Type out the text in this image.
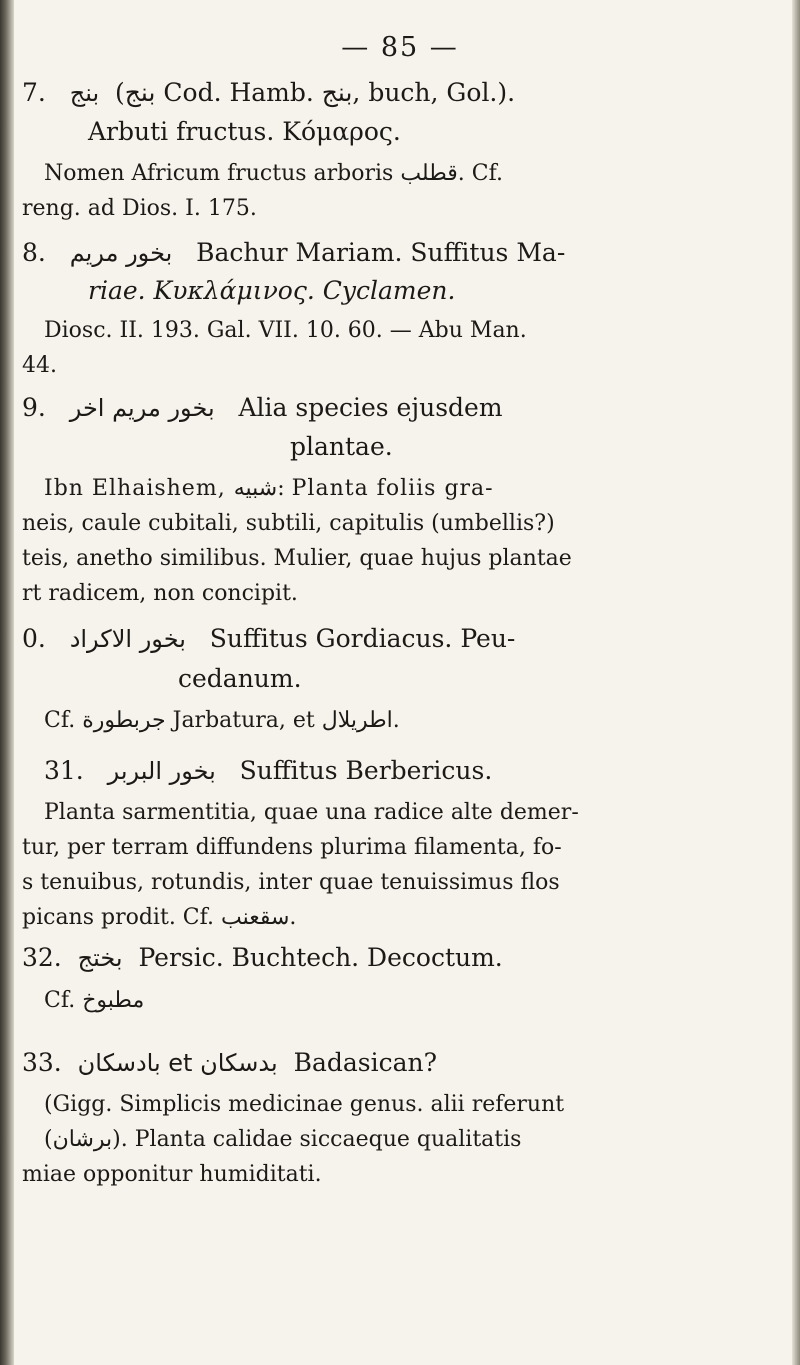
— 85 —
7. بنج (بنج Cod. Hamb. بنج, buch, Gol.).
Arbuti fructus. Κόμαρος.
Nomen Africum fructus arboris قطلب. Cf.
reng. ad Dios. I. 175.
8. بخور مريم Bachur Mariam. Suffitus Ma-
riae. Κυκλάμινος. Cyclamen.
Diosc. II. 193. Gal. VII. 10. 60. — Abu Man.
44.
9. بخور مريم اخر Alia species ejusdem
plantae.
Ibn Elhaishem, شبيه: Planta foliis gra-
neis, caule cubitali, subtili, capitulis (umbellis?)
teis, anetho similibus. Mulier, quae hujus plantae
rt radicem, non concipit.
0. بخور الاكراد Suffitus Gordiacus. Peu-
cedanum.
Cf. جربطورة Jarbatura, et اطريلال.
31. بخور البربر Suffitus Berbericus.
Planta sarmentitia, quae una radice alte demer-
tur, per terram diffundens plurima filamenta, fo-
s tenuibus, rotundis, inter quae tenuissimus flos
picans prodit. Cf. سقعنب.
32. بختج Persic. Buchtech. Decoctum.
Cf. مطبوخ
33. بدسكان et بادسكان Badasican?
(Gigg. Simplicis medicinae genus. alii referunt
(برشان). Planta calidae siccaeque qualitatis
miae opponitur humiditati.
